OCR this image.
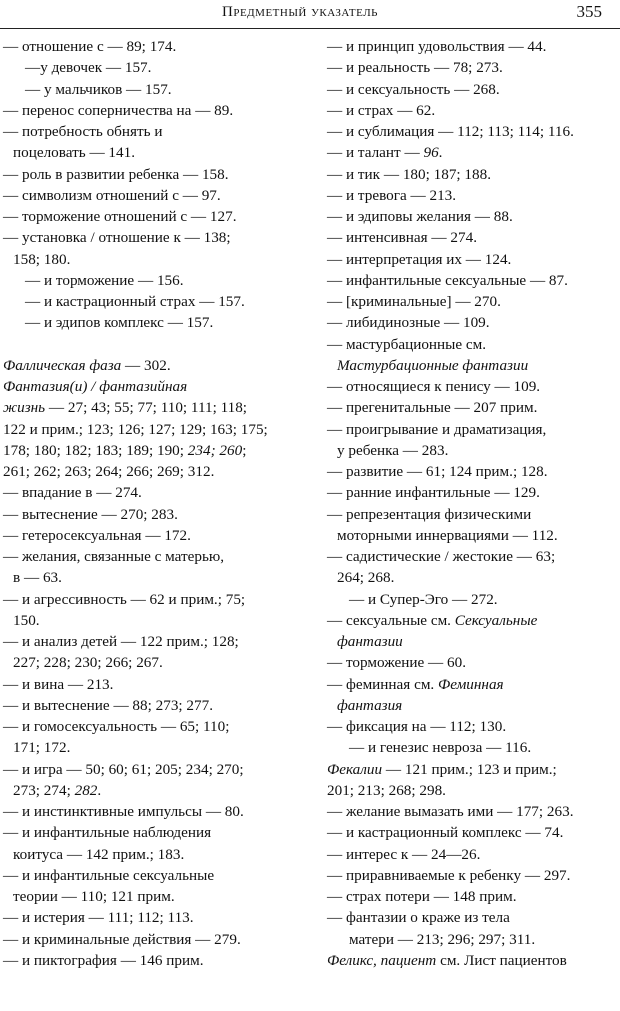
Предметный указатель	355
— отношение с — 89; 174.
—у девочек — 157.
— у мальчиков — 157.
— перенос соперничества на — 89.
— потребность обнять и
поцеловать — 141.
— роль в развитии ребенка — 158.
— символизм отношений с — 97.
— торможение отношений с — 127.
— установка / отношение к — 138;
158; 180.
— и торможение — 156.
— и кастрационный страх — 157.
— и эдипов комплекс — 157.
Фаллическая фаза — 302.
Фантазия(и) / фантазийная
жизнь — 27; 43; 55; 77; 110; 111; 118;
122 и прим.; 123; 126; 127; 129; 163; 175;
178; 180; 182; 183; 189; 190; 234; 260;
261; 262; 263; 264; 266; 269; 312.
— впадание в — 274.
— вытеснение — 270; 283.
— гетеросексуальная — 172.
— желания, связанные с матерью,
в — 63.
— и агрессивность — 62 и прим.; 75;
150.
— и анализ детей — 122 прим.; 128;
227; 228; 230; 266; 267.
— и вина — 213.
— и вытеснение — 88; 273; 277.
— и гомосексуальность — 65; 110;
171; 172.
— и игра — 50; 60; 61; 205; 234; 270;
273; 274; 282.
— и инстинктивные импульсы — 80.
— и инфантильные наблюдения
коитуса — 142 прим.; 183.
— и инфантильные сексуальные
теории — 110; 121 прим.
— и истерия — 111; 112; 113.
— и криминальные действия — 279.
— и пиктография — 146 прим.
— и принцип удовольствия — 44.
— и реальность — 78; 273.
— и сексуальность — 268.
— и страх — 62.
— и сублимация — 112; 113; 114; 116.
— и талант — 96.
— и тик — 180; 187; 188.
— и тревога — 213.
— и эдиповы желания — 88.
— интенсивная — 274.
— интерпретация их — 124.
— инфантильные сексуальные — 87.
— [криминальные] — 270.
— либидинозные — 109.
— мастурбационные см.
Мастурбационные фантазии
— относящиеся к пенису — 109.
— прегенитальные — 207 прим.
— проигрывание и драматизация,
у ребенка — 283.
— развитие — 61; 124 прим.; 128.
— ранние инфантильные — 129.
— репрезентация физическими
моторными иннервациями — 112.
— садистические / жестокие — 63;
264; 268.
— и Супер-Эго — 272.
— сексуальные см. Сексуальные
фантазии
— торможение — 60.
— феминная см. Феминная
фантазия
— фиксация на — 112; 130.
— и генезис невроза — 116.
Фекалии — 121 прим.; 123 и прим.;
201; 213; 268; 298.
— желание вымазать ими — 177; 263.
— и кастрационный комплекс — 74.
— интерес к — 24—26.
— приравниваемые к ребенку — 297.
— страх потери — 148 прим.
— фантазии о краже из тела
матери — 213; 296; 297; 311.
Феликс, пациент см. Лист пациентов
